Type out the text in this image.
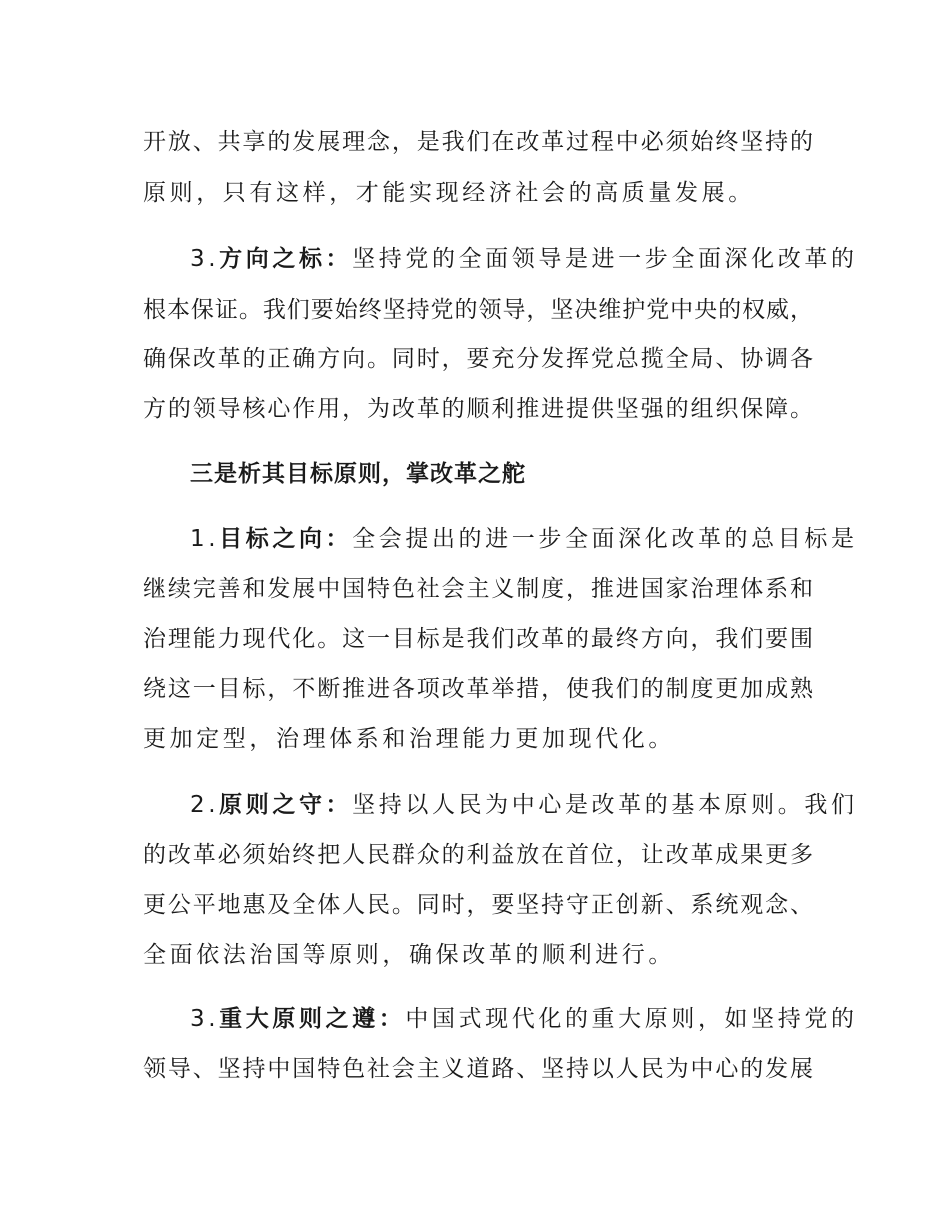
开放、共享的发展理念，是我们在改革过程中必须始终坚持的
原则，只有这样，才能实现经济社会的高质量发展。
3.方向之标：坚持党的全面领导是进一步全面深化改革的
根本保证。我们要始终坚持党的领导，坚决维护党中央的权威，
确保改革的正确方向。同时，要充分发挥党总揽全局、协调各
方的领导核心作用，为改革的顺利推进提供坚强的组织保障。
三是析其目标原则，掌改革之舵
1.目标之向：全会提出的进一步全面深化改革的总目标是
继续完善和发展中国特色社会主义制度，推进国家治理体系和
治理能力现代化。这一目标是我们改革的最终方向，我们要围
绕这一目标，不断推进各项改革举措，使我们的制度更加成熟
更加定型，治理体系和治理能力更加现代化。
2.原则之守：坚持以人民为中心是改革的基本原则。我们
的改革必须始终把人民群众的利益放在首位，让改革成果更多
更公平地惠及全体人民。同时，要坚持守正创新、系统观念、
全面依法治国等原则，确保改革的顺利进行。
3.重大原则之遵：中国式现代化的重大原则，如坚持党的
领导、坚持中国特色社会主义道路、坚持以人民为中心的发展
